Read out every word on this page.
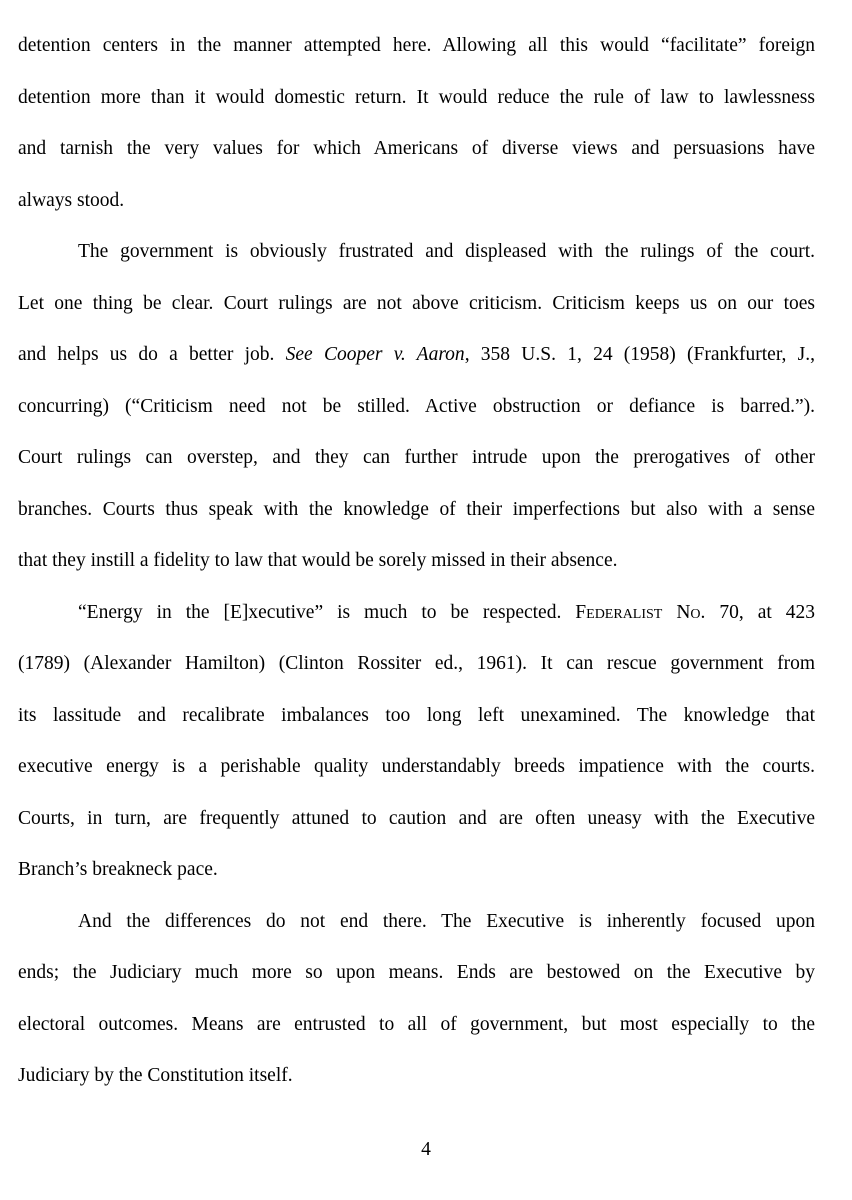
detention centers in the manner attempted here. Allowing all this would “facilitate” foreign
detention more than it would domestic return. It would reduce the rule of law to lawlessness
and tarnish the very values for which Americans of diverse views and persuasions have
always stood.
The government is obviously frustrated and displeased with the rulings of the court.
Let one thing be clear. Court rulings are not above criticism. Criticism keeps us on our toes
and helps us do a better job. See Cooper v. Aaron, 358 U.S. 1, 24 (1958) (Frankfurter, J.,
concurring) (“Criticism need not be stilled. Active obstruction or defiance is barred.”).
Court rulings can overstep, and they can further intrude upon the prerogatives of other
branches. Courts thus speak with the knowledge of their imperfections but also with a sense
that they instill a fidelity to law that would be sorely missed in their absence.
“Energy in the [E]xecutive” is much to be respected. Federalist No. 70, at 423
(1789) (Alexander Hamilton) (Clinton Rossiter ed., 1961). It can rescue government from
its lassitude and recalibrate imbalances too long left unexamined. The knowledge that
executive energy is a perishable quality understandably breeds impatience with the courts.
Courts, in turn, are frequently attuned to caution and are often uneasy with the Executive
Branch’s breakneck pace.
And the differences do not end there. The Executive is inherently focused upon
ends; the Judiciary much more so upon means. Ends are bestowed on the Executive by
electoral outcomes. Means are entrusted to all of government, but most especially to the
Judiciary by the Constitution itself.
4
